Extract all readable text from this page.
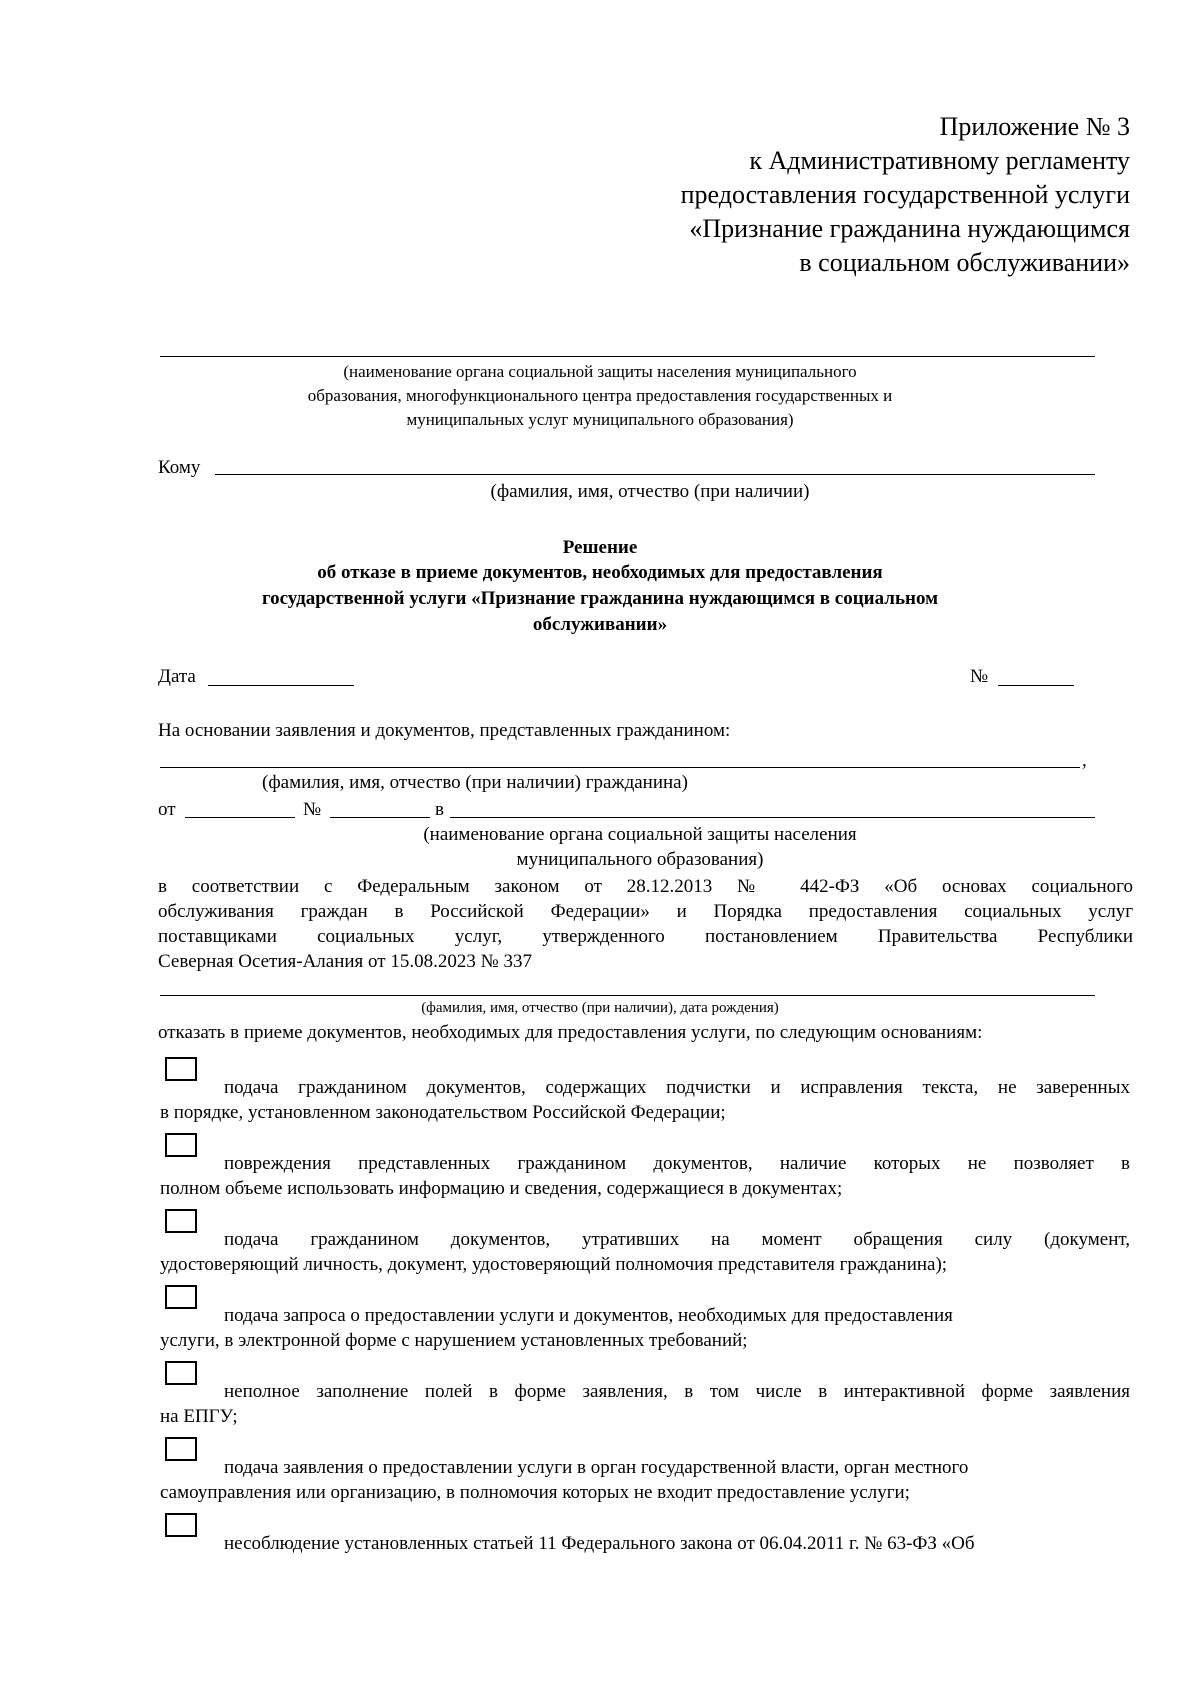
Приложение № 3
к Административному регламенту
предоставления государственной услуги
«Признание гражданина нуждающимся
в социальном обслуживании»
(наименование органа социальной защиты населения муниципального
образования, многофункционального центра предоставления государственных и
муниципальных услуг муниципального образования)
Кому
(фамилия, имя, отчество (при наличии)
Решение
об отказе в приеме документов, необходимых для предоставления
государственной услуги «Признание гражданина нуждающимся в социальном
обслуживании»
Дата	№
На основании заявления и документов, представленных гражданином:
,
(фамилия, имя, отчество (при наличии) гражданина)
от	№	в
(наименование органа социальной защиты населения
муниципального образования)
в соответствии с Федеральным законом от 28.12.2013 № 442-ФЗ «Об основах социального
обслуживания граждан в Российской Федерации» и Порядка предоставления социальных услуг
поставщиками социальных услуг, утвержденного постановлением Правительства Республики
Северная Осетия-Алания от 15.08.2023 № 337
(фамилия, имя, отчество (при наличии), дата рождения)
отказать в приеме документов, необходимых для предоставления услуги, по следующим основаниям:
подача гражданином документов, содержащих подчистки и исправления текста, не заверенных
в порядке, установленном законодательством Российской Федерации;
повреждения представленных гражданином документов, наличие которых не позволяет в
полном объеме использовать информацию и сведения, содержащиеся в документах;
подача гражданином документов, утративших на момент обращения силу (документ,
удостоверяющий личность, документ, удостоверяющий полномочия представителя гражданина);
подача запроса о предоставлении услуги и документов, необходимых для предоставления
услуги, в электронной форме с нарушением установленных требований;
неполное заполнение полей в форме заявления, в том числе в интерактивной форме заявления
на ЕПГУ;
подача заявления о предоставлении услуги в орган государственной власти, орган местного
самоуправления или организацию, в полномочия которых не входит предоставление услуги;
несоблюдение установленных статьей 11 Федерального закона от 06.04.2011 г. № 63-ФЗ «Об
